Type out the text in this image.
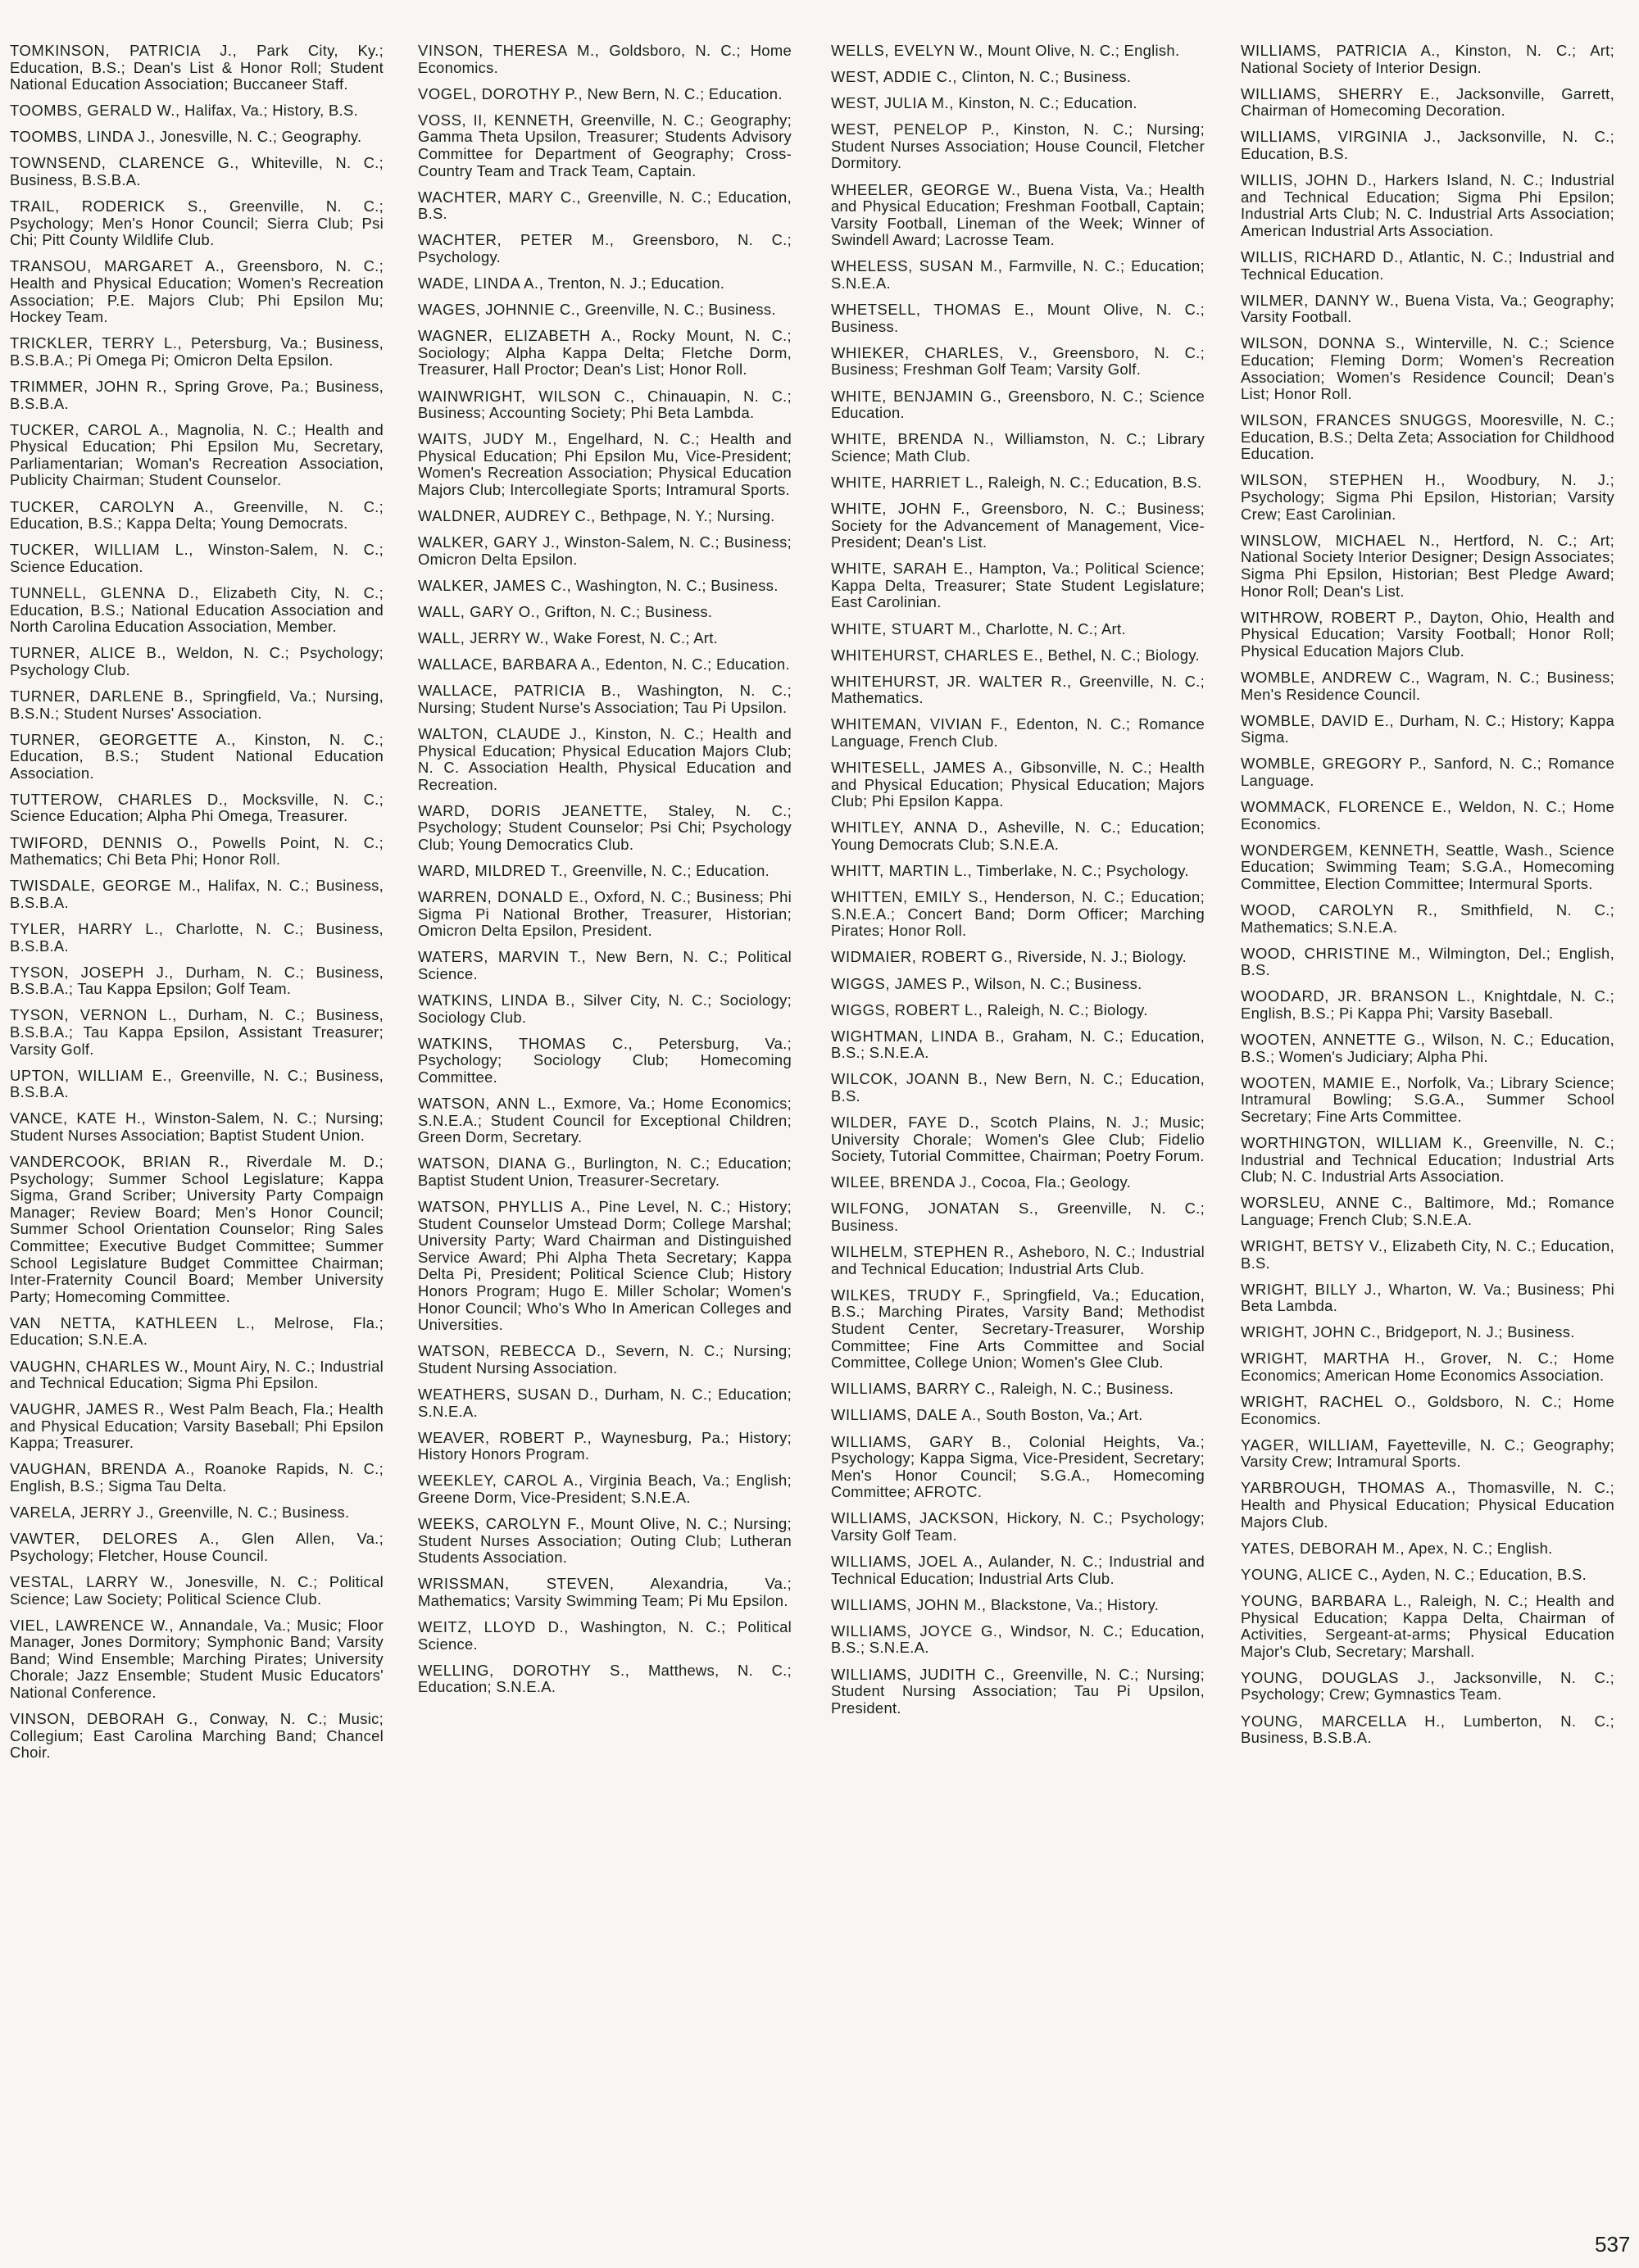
TOMKINSON, PATRICIA J., Park City, Ky.; Education, B.S.; Dean's List & Honor Roll; Student National Education Association; Buccaneer Staff.

TOOMBS, GERALD W., Halifax, Va.; History, B.S.

TOOMBS, LINDA J., Jonesville, N. C.; Geography.

TOWNSEND, CLARENCE G., Whiteville, N. C.; Business, B.S.B.A.

TRAIL, RODERICK S., Greenville, N. C.; Psychology; Men's Honor Council; Sierra Club; Psi Chi; Pitt County Wildlife Club.

TRANSOU, MARGARET A., Greensboro, N. C.; Health and Physical Education; Women's Recreation Association; P.E. Majors Club; Phi Epsilon Mu; Hockey Team.

TRICKLER, TERRY L., Petersburg, Va.; Business, B.S.B.A.; Pi Omega Pi; Omicron Delta Epsilon.

TRIMMER, JOHN R., Spring Grove, Pa.; Business, B.S.B.A.

TUCKER, CAROL A., Magnolia, N. C.; Health and Physical Education; Phi Epsilon Mu, Secretary, Parliamentarian; Woman's Recreation Association, Publicity Chairman; Student Counselor.

TUCKER, CAROLYN A., Greenville, N. C.; Education, B.S.; Kappa Delta; Young Democrats.

TUCKER, WILLIAM L., Winston-Salem, N. C.; Science Education.

TUNNELL, GLENNA D., Elizabeth City, N. C.; Education, B.S.; National Education Association and North Carolina Education Association, Member.

TURNER, ALICE B., Weldon, N. C.; Psychology; Psychology Club.

TURNER, DARLENE B., Springfield, Va.; Nursing, B.S.N.; Student Nurses' Association.

TURNER, GEORGETTE A., Kinston, N. C.; Education, B.S.; Student National Education Association.

TUTTEROW, CHARLES D., Mocksville, N. C.; Science Education; Alpha Phi Omega, Treasurer.

TWIFORD, DENNIS O., Powells Point, N. C.; Mathematics; Chi Beta Phi; Honor Roll.

TWISDALE, GEORGE M., Halifax, N. C.; Business, B.S.B.A.

TYLER, HARRY L., Charlotte, N. C.; Business, B.S.B.A.

TYSON, JOSEPH J., Durham, N. C.; Business, B.S.B.A.; Tau Kappa Epsilon; Golf Team.

TYSON, VERNON L., Durham, N. C.; Business, B.S.B.A.; Tau Kappa Epsilon, Assistant Treasurer; Varsity Golf.

UPTON, WILLIAM E., Greenville, N. C.; Business, B.S.B.A.

VANCE, KATE H., Winston-Salem, N. C.; Nursing; Student Nurses Association; Baptist Student Union.

VANDERCOOK, BRIAN R., Riverdale M. D.; Psychology; Summer School Legislature; Kappa Sigma, Grand Scriber; University Party Compaign Manager; Review Board; Men's Honor Council; Summer School Orientation Counselor; Ring Sales Committee; Executive Budget Committee; Summer School Legislature Budget Committee Chairman; Inter-Fraternity Council Board; Member University Party; Homecoming Committee.

VAN NETTA, KATHLEEN L., Melrose, Fla.; Education; S.N.E.A.

VAUGHN, CHARLES W., Mount Airy, N. C.; Industrial and Technical Education; Sigma Phi Epsilon.

VAUGHR, JAMES R., West Palm Beach, Fla.; Health and Physical Education; Varsity Baseball; Phi Epsilon Kappa; Treasurer.

VAUGHAN, BRENDA A., Roanoke Rapids, N. C.; English, B.S.; Sigma Tau Delta.

VARELA, JERRY J., Greenville, N. C.; Business.

VAWTER, DELORES A., Glen Allen, Va.; Psychology; Fletcher, House Council.

VESTAL, LARRY W., Jonesville, N. C.; Political Science; Law Society; Political Science Club.

VIEL, LAWRENCE W., Annandale, Va.; Music; Floor Manager, Jones Dormitory; Symphonic Band; Varsity Band; Wind Ensemble; Marching Pirates; University Chorale; Jazz Ensemble; Student Music Educators' National Conference.

VINSON, DEBORAH G., Conway, N. C.; Music; Collegium; East Carolina Marching Band; Chancel Choir.

VINSON, THERESA M., Goldsboro, N. C.; Home Economics.

VOGEL, DOROTHY P., New Bern, N. C.; Education.

VOSS, II, KENNETH, Greenville, N. C.; Geography; Gamma Theta Upsilon, Treasurer; Students Advisory Committee for Department of Geography; Cross-Country Team and Track Team, Captain.

WACHTER, MARY C., Greenville, N. C.; Education, B.S.

WACHTER, PETER M., Greensboro, N. C.; Psychology.

WADE, LINDA A., Trenton, N. J.; Education.

WAGES, JOHNNIE C., Greenville, N. C.; Business.

WAGNER, ELIZABETH A., Rocky Mount, N. C.; Sociology; Alpha Kappa Delta; Fletche Dorm, Treasurer, Hall Proctor; Dean's List; Honor Roll.

WAINWRIGHT, WILSON C., Chinauapin, N. C.; Business; Accounting Society; Phi Beta Lambda.

WAITS, JUDY M., Engelhard, N. C.; Health and Physical Education; Phi Epsilon Mu, Vice-President; Women's Recreation Association; Physical Education Majors Club; Intercollegiate Sports; Intramural Sports.

WALDNER, AUDREY C., Bethpage, N. Y.; Nursing.

WALKER, GARY J., Winston-Salem, N. C.; Business; Omicron Delta Epsilon.

WALKER, JAMES C., Washington, N. C.; Business.

WALL, GARY O., Grifton, N. C.; Business.

WALL, JERRY W., Wake Forest, N. C.; Art.

WALLACE, BARBARA A., Edenton, N. C.; Education.

WALLACE, PATRICIA B., Washington, N. C.; Nursing; Student Nurse's Association; Tau Pi Upsilon.

WALTON, CLAUDE J., Kinston, N. C.; Health and Physical Education; Physical Education Majors Club; N. C. Association Health, Physical Education and Recreation.

WARD, DORIS JEANETTE, Staley, N. C.; Psychology; Student Counselor; Psi Chi; Psychology Club; Young Democratics Club.

WARD, MILDRED T., Greenville, N. C.; Education.

WARREN, DONALD E., Oxford, N. C.; Business; Phi Sigma Pi National Brother, Treasurer, Historian; Omicron Delta Epsilon, President.

WATERS, MARVIN T., New Bern, N. C.; Political Science.

WATKINS, LINDA B., Silver City, N. C.; Sociology; Sociology Club.

WATKINS, THOMAS C., Petersburg, Va.; Psychology; Sociology Club; Homecoming Committee.

WATSON, ANN L., Exmore, Va.; Home Economics; S.N.E.A.; Student Council for Exceptional Children; Green Dorm, Secretary.

WATSON, DIANA G., Burlington, N. C.; Education; Baptist Student Union, Treasurer-Secretary.

WATSON, PHYLLIS A., Pine Level, N. C.; History; Student Counselor Umstead Dorm; College Marshal; University Party; Ward Chairman and Distinguished Service Award; Phi Alpha Theta Secretary; Kappa Delta Pi, President; Political Science Club; History Honors Program; Hugo E. Miller Scholar; Women's Honor Council; Who's Who In American Colleges and Universities.

WATSON, REBECCA D., Severn, N. C.; Nursing; Student Nursing Association.

WEATHERS, SUSAN D., Durham, N. C.; Education; S.N.E.A.

WEAVER, ROBERT P., Waynesburg, Pa.; History; History Honors Program.

WEEKLEY, CAROL A., Virginia Beach, Va.; English; Greene Dorm, Vice-President; S.N.E.A.

WEEKS, CAROLYN F., Mount Olive, N. C.; Nursing; Student Nurses Association; Outing Club; Lutheran Students Association.

WRISSMAN, STEVEN, Alexandria, Va.; Mathematics; Varsity Swimming Team; Pi Mu Epsilon.

WEITZ, LLOYD D., Washington, N. C.; Political Science.

WELLING, DOROTHY S., Matthews, N. C.; Education; S.N.E.A.

WELLS, EVELYN W., Mount Olive, N. C.; English.

WEST, ADDIE C., Clinton, N. C.; Business.

WEST, JULIA M., Kinston, N. C.; Education.

WEST, PENELOP P., Kinston, N. C.; Nursing; Student Nurses Association; House Council, Fletcher Dormitory.

WHEELER, GEORGE W., Buena Vista, Va.; Health and Physical Education; Freshman Football, Captain; Varsity Football, Lineman of the Week; Winner of Swindell Award; Lacrosse Team.

WHELESS, SUSAN M., Farmville, N. C.; Education; S.N.E.A.

WHETSELL, THOMAS E., Mount Olive, N. C.; Business.

WHIEKER, CHARLES, V., Greensboro, N. C.; Business; Freshman Golf Team; Varsity Golf.

WHITE, BENJAMIN G., Greensboro, N. C.; Science Education.

WHITE, BRENDA N., Williamston, N. C.; Library Science; Math Club.

WHITE, HARRIET L., Raleigh, N. C.; Education, B.S.

WHITE, JOHN F., Greensboro, N. C.; Business; Society for the Advancement of Management, Vice-President; Dean's List.

WHITE, SARAH E., Hampton, Va.; Political Science; Kappa Delta, Treasurer; State Student Legislature; East Carolinian.

WHITE, STUART M., Charlotte, N. C.; Art.

WHITEHURST, CHARLES E., Bethel, N. C.; Biology.

WHITEHURST, JR. WALTER R., Greenville, N. C.; Mathematics.

WHITEMAN, VIVIAN F., Edenton, N. C.; Romance Language, French Club.

WHITESELL, JAMES A., Gibsonville, N. C.; Health and Physical Education; Physical Education; Majors Club; Phi Epsilon Kappa.

WHITLEY, ANNA D., Asheville, N. C.; Education; Young Democrats Club; S.N.E.A.

WHITT, MARTIN L., Timberlake, N. C.; Psychology.

WHITTEN, EMILY S., Henderson, N. C.; Education; S.N.E.A.; Concert Band; Dorm Officer; Marching Pirates; Honor Roll.

WIDMAIER, ROBERT G., Riverside, N. J.; Biology.

WIGGS, JAMES P., Wilson, N. C.; Business.

WIGGS, ROBERT L., Raleigh, N. C.; Biology.

WIGHTMAN, LINDA B., Graham, N. C.; Education, B.S.; S.N.E.A.

WILCOK, JOANN B., New Bern, N. C.; Education, B.S.

WILDER, FAYE D., Scotch Plains, N. J.; Music; University Chorale; Women's Glee Club; Fidelio Society, Tutorial Committee, Chairman; Poetry Forum.

WILEE, BRENDA J., Cocoa, Fla.; Geology.

WILFONG, JONATAN S., Greenville, N. C.; Business.

WILHELM, STEPHEN R., Asheboro, N. C.; Industrial and Technical Education; Industrial Arts Club.

WILKES, TRUDY F., Springfield, Va.; Education, B.S.; Marching Pirates, Varsity Band; Methodist Student Center, Secretary-Treasurer, Worship Committee; Fine Arts Committee and Social Committee, College Union; Women's Glee Club.

WILLIAMS, BARRY C., Raleigh, N. C.; Business.

WILLIAMS, DALE A., South Boston, Va.; Art.

WILLIAMS, GARY B., Colonial Heights, Va.; Psychology; Kappa Sigma, Vice-President, Secretary; Men's Honor Council; S.G.A., Homecoming Committee; AFROTC.

WILLIAMS, JACKSON, Hickory, N. C.; Psychology; Varsity Golf Team.

WILLIAMS, JOEL A., Aulander, N. C.; Industrial and Technical Education; Industrial Arts Club.

WILLIAMS, JOHN M., Blackstone, Va.; History.

WILLIAMS, JOYCE G., Windsor, N. C.; Education, B.S.; S.N.E.A.

WILLIAMS, JUDITH C., Greenville, N. C.; Nursing; Student Nursing Association; Tau Pi Upsilon, President.

WILLIAMS, PATRICIA A., Kinston, N. C.; Art; National Society of Interior Design.

WILLIAMS, SHERRY E., Jacksonville, Garrett, Chairman of Homecoming Decoration.

WILLIAMS, VIRGINIA J., Jacksonville, N. C.; Education, B.S.

WILLIS, JOHN D., Harkers Island, N. C.; Industrial and Technical Education; Sigma Phi Epsilon; Industrial Arts Club; N. C. Industrial Arts Association; American Industrial Arts Association.

WILLIS, RICHARD D., Atlantic, N. C.; Industrial and Technical Education.

WILMER, DANNY W., Buena Vista, Va.; Geography; Varsity Football.

WILSON, DONNA S., Winterville, N. C.; Science Education; Fleming Dorm; Women's Recreation Association; Women's Residence Council; Dean's List; Honor Roll.

WILSON, FRANCES SNUGGS, Mooresville, N. C.; Education, B.S.; Delta Zeta; Association for Childhood Education.

WILSON, STEPHEN H., Woodbury, N. J.; Psychology; Sigma Phi Epsilon, Historian; Varsity Crew; East Carolinian.

WINSLOW, MICHAEL N., Hertford, N. C.; Art; National Society Interior Designer; Design Associates; Sigma Phi Epsilon, Historian; Best Pledge Award; Honor Roll; Dean's List.

WITHROW, ROBERT P., Dayton, Ohio, Health and Physical Education; Varsity Football; Honor Roll; Physical Education Majors Club.

WOMBLE, ANDREW C., Wagram, N. C.; Business; Men's Residence Council.

WOMBLE, DAVID E., Durham, N. C.; History; Kappa Sigma.

WOMBLE, GREGORY P., Sanford, N. C.; Romance Language.

WOMMACK, FLORENCE E., Weldon, N. C.; Home Economics.

WONDERGEM, KENNETH, Seattle, Wash., Science Education; Swimming Team; S.G.A., Homecoming Committee, Election Committee; Intermural Sports.

WOOD, CAROLYN R., Smithfield, N. C.; Mathematics; S.N.E.A.

WOOD, CHRISTINE M., Wilmington, Del.; English, B.S.

WOODARD, JR. BRANSON L., Knightdale, N. C.; English, B.S.; Pi Kappa Phi; Varsity Baseball.

WOOTEN, ANNETTE G., Wilson, N. C.; Education, B.S.; Women's Judiciary; Alpha Phi.

WOOTEN, MAMIE E., Norfolk, Va.; Library Science; Intramural Bowling; S.G.A., Summer School Secretary; Fine Arts Committee.

WORTHINGTON, WILLIAM K., Greenville, N. C.; Industrial and Technical Education; Industrial Arts Club; N. C. Industrial Arts Association.

WORSLEU, ANNE C., Baltimore, Md.; Romance Language; French Club; S.N.E.A.

WRIGHT, BETSY V., Elizabeth City, N. C.; Education, B.S.

WRIGHT, BILLY J., Wharton, W. Va.; Business; Phi Beta Lambda.

WRIGHT, JOHN C., Bridgeport, N. J.; Business.

WRIGHT, MARTHA H., Grover, N. C.; Home Economics; American Home Economics Association.

WRIGHT, RACHEL O., Goldsboro, N. C.; Home Economics.

YAGER, WILLIAM, Fayetteville, N. C.; Geography; Varsity Crew; Intramural Sports.

YARBROUGH, THOMAS A., Thomasville, N. C.; Health and Physical Education; Physical Education Majors Club.

YATES, DEBORAH M., Apex, N. C.; English.

YOUNG, ALICE C., Ayden, N. C.; Education, B.S.

YOUNG, BARBARA L., Raleigh, N. C.; Health and Physical Education; Kappa Delta, Chairman of Activities, Sergeant-at-arms; Physical Education Major's Club, Secretary; Marshall.

YOUNG, DOUGLAS J., Jacksonville, N. C.; Psychology; Crew; Gymnastics Team.

YOUNG, MARCELLA H., Lumberton, N. C.; Business, B.S.B.A.

537
